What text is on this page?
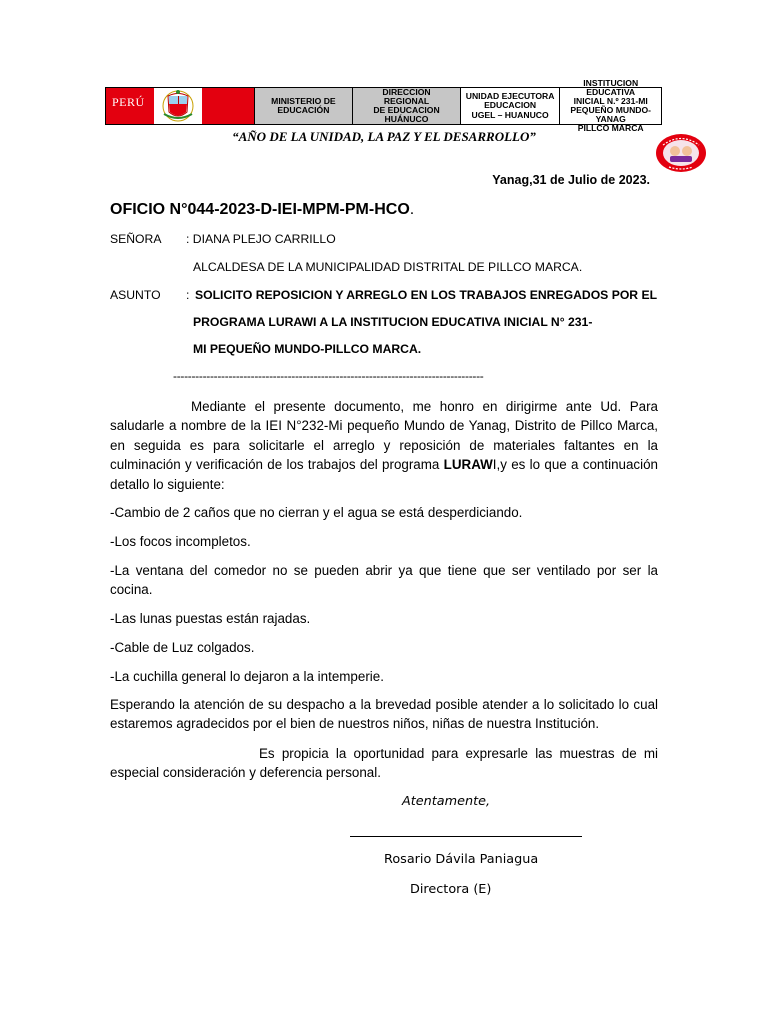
PERÚ	MINISTERIO DE
EDUCACIÓN
DIRECCION
REGIONAL
DE EDUCACION
HUÁNUCO
UNIDAD EJECUTORA
EDUCACION
UGEL – HUANUCO
INSTITUCION EDUCATIVA
INICIAL N.º 231-MI
PEQUEÑO MUNDO-YANAG
PILLCO MARCA
“AÑO DE LA UNIDAD, LA PAZ Y EL DESARROLLO”
Yanag,31 de Julio de 2023.
OFICIO N°044-2023-D-IEI-MPM-PM-HCO.
SEÑORA : DIANA PLEJO CARRILLO
ALCALDESA DE LA MUNICIPALIDAD DISTRITAL DE PILLCO MARCA.
ASUNTO : SOLICITO REPOSICION Y ARREGLO EN LOS TRABAJOS ENREGADOS POR EL
PROGRAMA LURAWI A LA INSTITUCION EDUCATIVA INICIAL N° 231-
MI PEQUEÑO MUNDO-PILLCO MARCA.
------------------------------------------------------------------------------------
Mediante el presente documento, me honro en dirigirme ante Ud. Para saludarle a nombre de la IEI N°232-Mi pequeño Mundo de Yanag, Distrito de Pillco Marca, en seguida es para solicitarle el arreglo y reposición de materiales faltantes en la culminación y verificación de los trabajos del programa LURAWI,y es lo que a continuación detallo lo siguiente:
-Cambio de 2 caños que no cierran y el agua se está desperdiciando.
-Los focos incompletos.
-La ventana del comedor no se pueden abrir ya que tiene que ser ventilado por ser la cocina.
-Las lunas puestas están rajadas.
-Cable de Luz colgados.
-La cuchilla general lo dejaron a la intemperie.
Esperando la atención de su despacho a la brevedad posible atender a lo solicitado lo cual estaremos agradecidos por el bien de nuestros niños, niñas de nuestra Institución.
Es propicia la oportunidad para expresarle las muestras de mi especial consideración y deferencia personal.
Atentamente,
Rosario Dávila Paniagua
Directora (E)
